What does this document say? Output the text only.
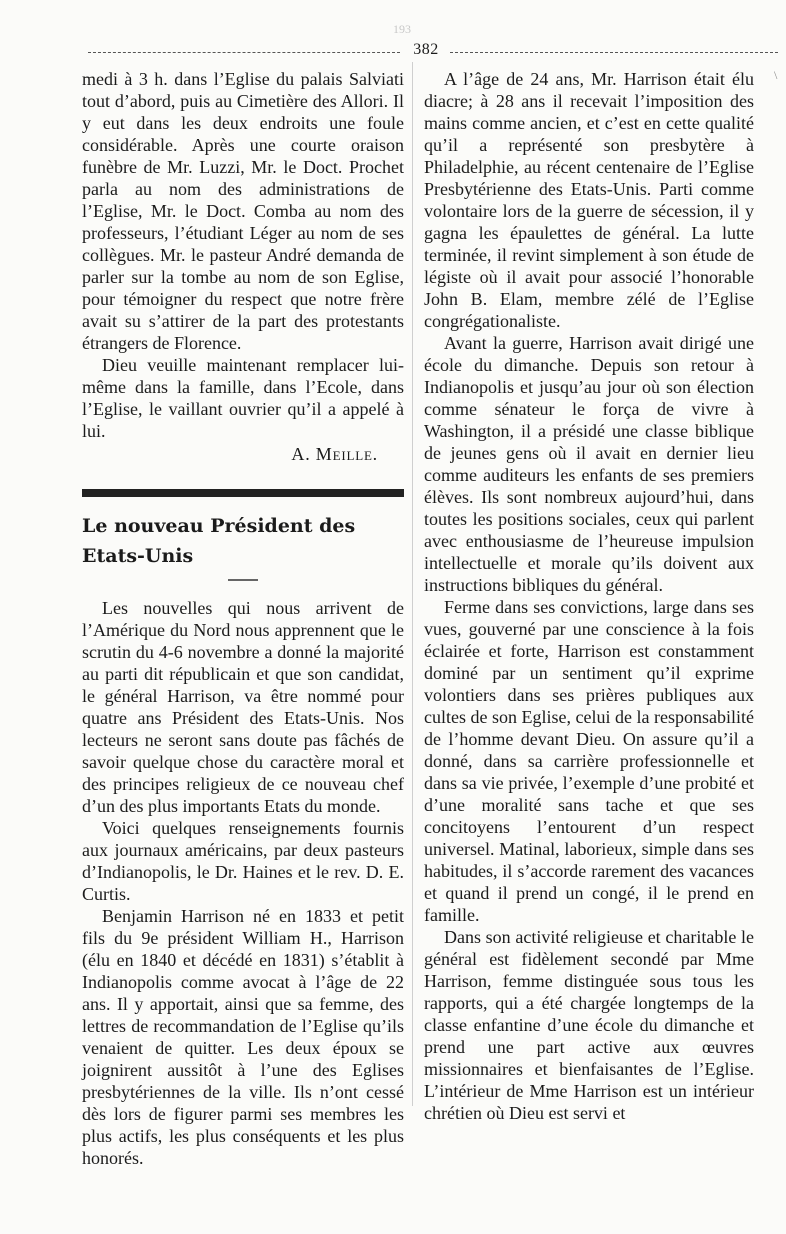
193
382

medi à 3 h. dans l’Eglise du palais Salviati tout d’abord, puis au Cimetière des Allori. Il y eut dans les deux endroits une foule considérable. Après une courte oraison funèbre de Mr. Luzzi, Mr. le Doct. Prochet parla au nom des administrations de l’Eglise, Mr. le Doct. Comba au nom des professeurs, l’étudiant Léger au nom de ses collègues. Mr. le pasteur André demanda de parler sur la tombe au nom de son Eglise, pour témoigner du respect que notre frère avait su s’attirer de la part des protestants étrangers de Florence.

Dieu veuille maintenant remplacer lui-même dans la famille, dans l’Ecole, dans l’Eglise, le vaillant ouvrier qu’il a appelé à lui.

A. Meille.

Le nouveau Président des Etats-Unis

Les nouvelles qui nous arrivent de l’Amérique du Nord nous apprennent que le scrutin du 4-6 novembre a donné la majorité au parti dit républicain et que son candidat, le général Harrison, va être nommé pour quatre ans Président des Etats-Unis. Nos lecteurs ne seront sans doute pas fâchés de savoir quelque chose du caractère moral et des principes religieux de ce nouveau chef d’un des plus importants Etats du monde.

Voici quelques renseignements fournis aux journaux américains, par deux pasteurs d’Indianopolis, le Dr. Haines et le rev. D. E. Curtis.

Benjamin Harrison né en 1833 et petit fils du 9e président William H., Harrison (élu en 1840 et décédé en 1831) s’établit à Indianopolis comme avocat à l’âge de 22 ans. Il y apportait, ainsi que sa femme, des lettres de recommandation de l’Eglise qu’ils venaient de quitter. Les deux époux se joignirent aussitôt à l’une des Eglises presbytériennes de la ville. Ils n’ont cessé dès lors de figurer parmi ses membres les plus actifs, les plus conséquents et les plus honorés.

A l’âge de 24 ans, Mr. Harrison était élu diacre; à 28 ans il recevait l’imposition des mains comme ancien, et c’est en cette qualité qu’il a représenté son presbytère à Philadelphie, au récent centenaire de l’Eglise Presbytérienne des Etats-Unis. Parti comme volontaire lors de la guerre de sécession, il y gagna les épaulettes de général. La lutte terminée, il revint simplement à son étude de légiste où il avait pour associé l’honorable John B. Elam, membre zélé de l’Eglise congrégationaliste.

Avant la guerre, Harrison avait dirigé une école du dimanche. Depuis son retour à Indianopolis et jusqu’au jour où son élection comme sénateur le força de vivre à Washington, il a présidé une classe biblique de jeunes gens où il avait en dernier lieu comme auditeurs les enfants de ses premiers élèves. Ils sont nombreux aujourd’hui, dans toutes les positions sociales, ceux qui parlent avec enthousiasme de l’heureuse impulsion intellectuelle et morale qu’ils doivent aux instructions bibliques du général.

Ferme dans ses convictions, large dans ses vues, gouverné par une conscience à la fois éclairée et forte, Harrison est constamment dominé par un sentiment qu’il exprime volontiers dans ses prières publiques aux cultes de son Eglise, celui de la responsabilité de l’homme devant Dieu. On assure qu’il a donné, dans sa carrière professionnelle et dans sa vie privée, l’exemple d’une probité et d’une moralité sans tache et que ses concitoyens l’entourent d’un respect universel. Matinal, laborieux, simple dans ses habitudes, il s’accorde rarement des vacances et quand il prend un congé, il le prend en famille.

Dans son activité religieuse et charitable le général est fidèlement secondé par Mme Harrison, femme distinguée sous tous les rapports, qui a été chargée longtemps de la classe enfantine d’une école du dimanche et prend une part active aux œuvres missionnaires et bienfaisantes de l’Eglise. L’intérieur de Mme Harrison est un intérieur chrétien où Dieu est servi et

\
